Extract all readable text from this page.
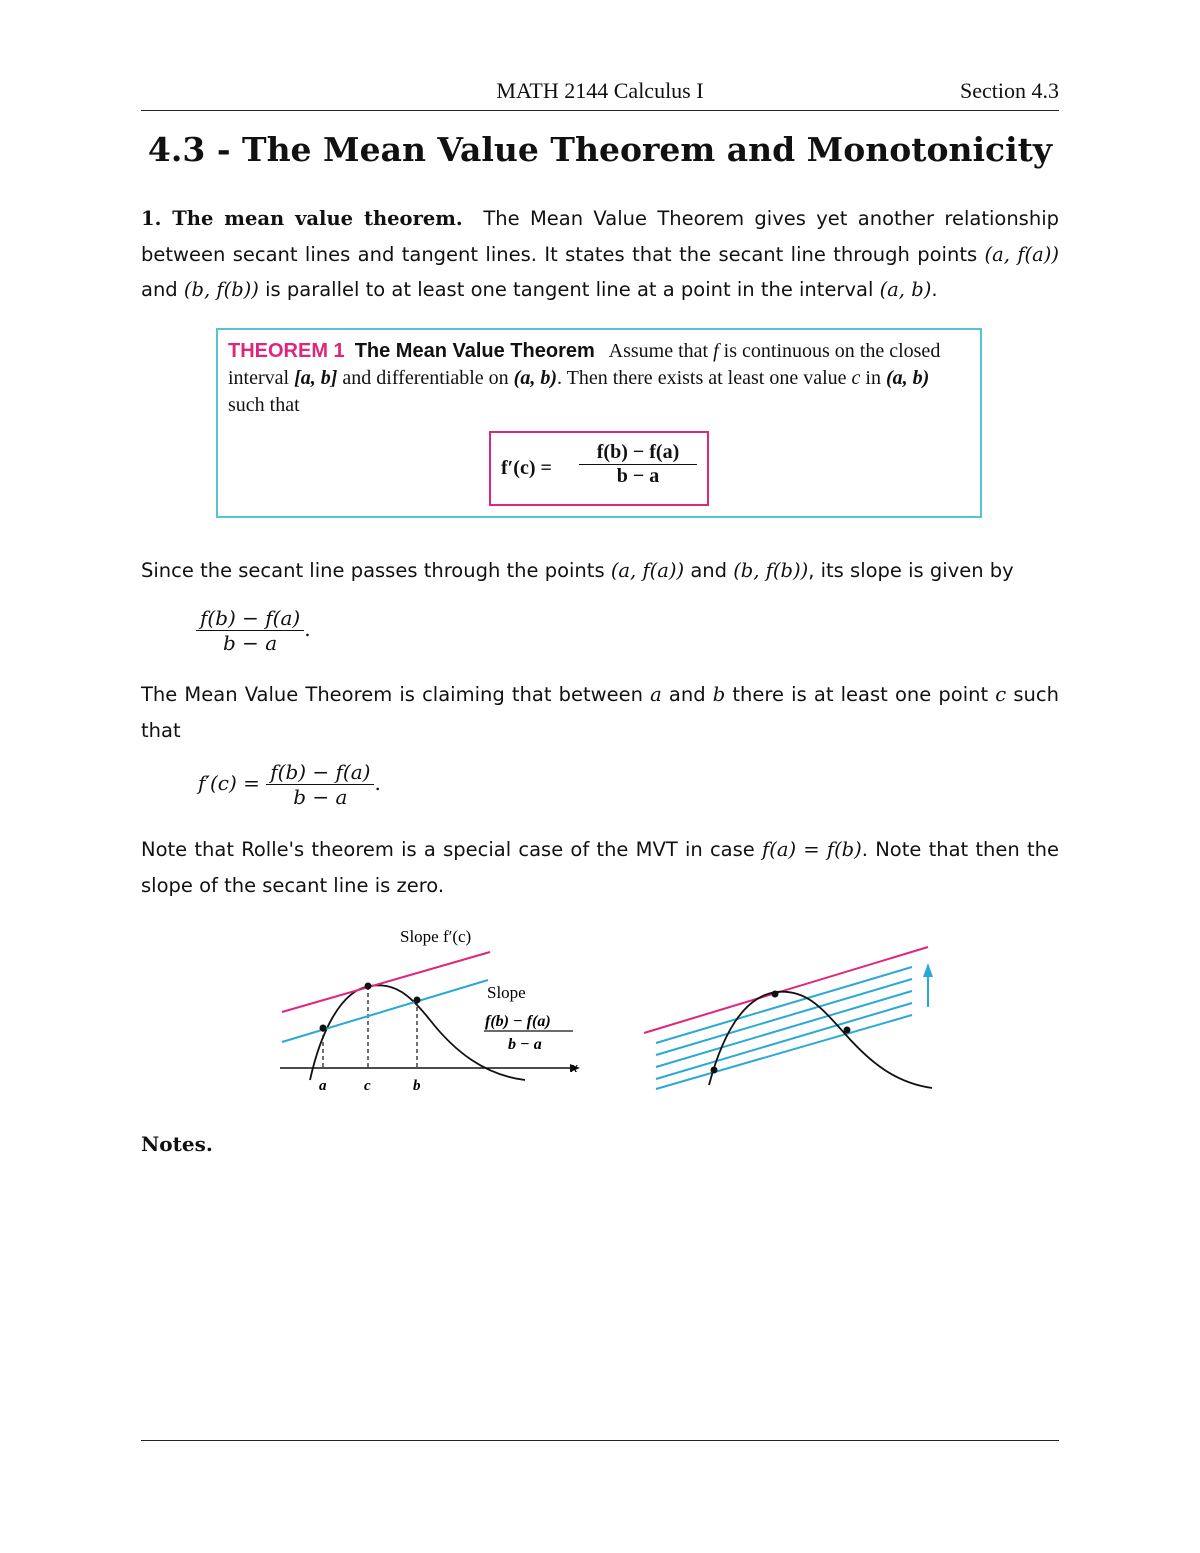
MATH 2144 Calculus I	Section 4.3
4.3 - The Mean Value Theorem and Monotonicity
1. The mean value theorem. The Mean Value Theorem gives yet another relationship between secant lines and tangent lines. It states that the secant line through points (a, f(a)) and (b, f(b)) is parallel to at least one tangent line at a point in the interval (a, b).
THEOREM 1 The Mean Value Theorem Assume that f is continuous on the closed interval [a, b] and differentiable on (a, b). Then there exists at least one value c in (a, b) such that
$f'(c) = \frac{f(b) - f(a)}{b - a}$
Since the secant line passes through the points (a, f(a)) and (b, f(b)), its slope is given by
$\frac{f(b) - f(a)}{b - a}$ .
The Mean Value Theorem is claiming that between a and b there is at least one point c such that
$f'(c) = \frac{f(b) - f(a)}{b - a}$ .
Note that Rolle's theorem is a special case of the MVT in case f(a) = f(b). Note that then the slope of the secant line is zero.
x
a	c	b
Slope f′(c)
Slope
f(b) − f(a)
b − a
Notes.
